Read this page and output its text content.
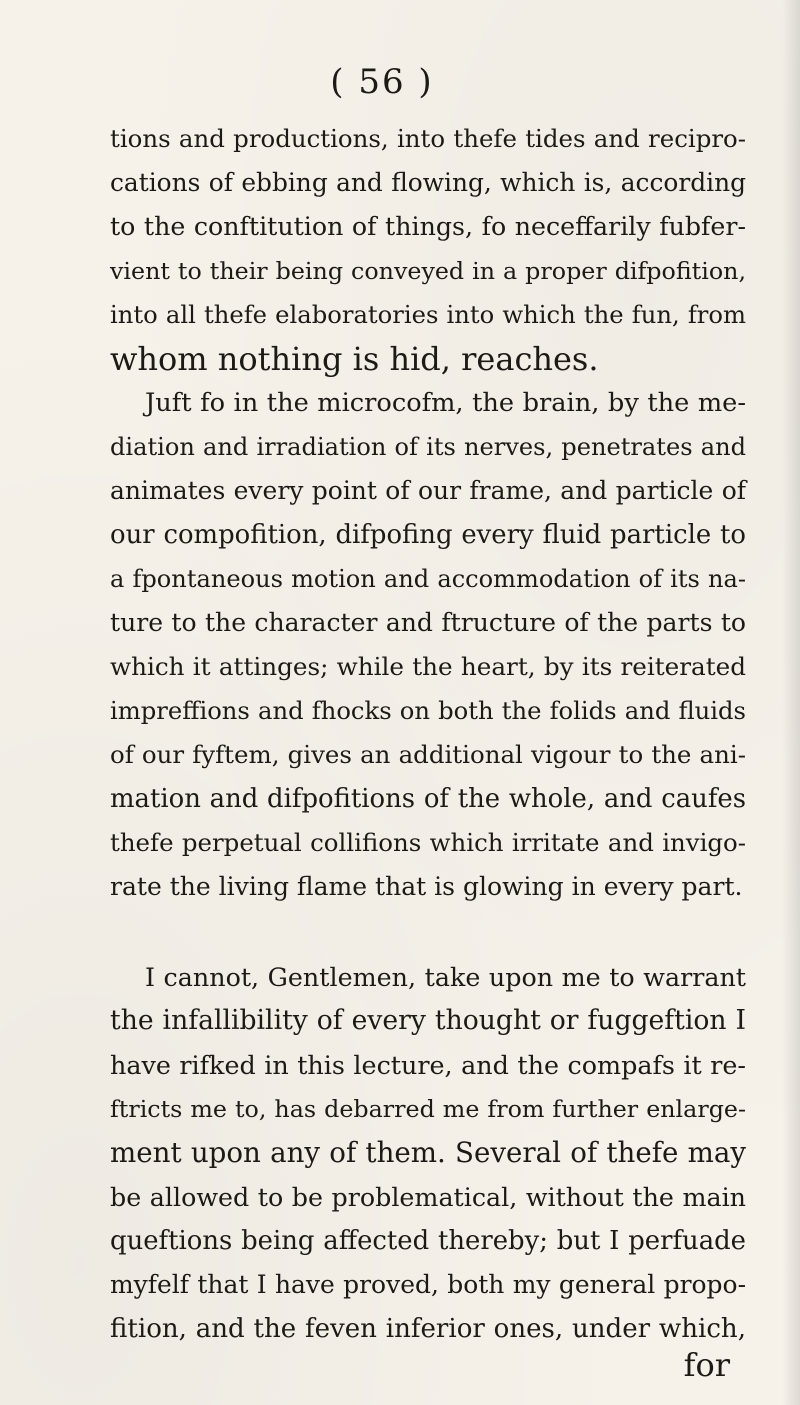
( 56 )
tions and productions, into thefe tides and recipro-
cations of ebbing and flowing, which is, according
to the conftitution of things, fo neceffarily fubfer-
vient to their being conveyed in a proper difpofition,
into all thefe elaboratories into which the fun, from
whom nothing is hid, reaches.
Juft fo in the microcofm, the brain, by the me-
diation and irradiation of its nerves, penetrates and
animates every point of our frame, and particle of
our compofition, difpofing every fluid particle to
a fpontaneous motion and accommodation of its na-
ture to the character and ftructure of the parts to
which it attinges; while the heart, by its reiterated
impreffions and fhocks on both the folids and fluids
of our fyftem, gives an additional vigour to the ani-
mation and difpofitions of the whole, and caufes
thefe perpetual collifions which irritate and invigo-
rate the living flame that is glowing in every part.
I cannot, Gentlemen, take upon me to warrant
the infallibility of every thought or fuggeftion I
have rifked in this lecture, and the compafs it re-
ftricts me to, has debarred me from further enlarge-
ment upon any of them. Several of thefe may
be allowed to be problematical, without the main
queftions being affected thereby; but I perfuade
myfelf that I have proved, both my general propo-
fition, and the feven inferior ones, under which,
for
